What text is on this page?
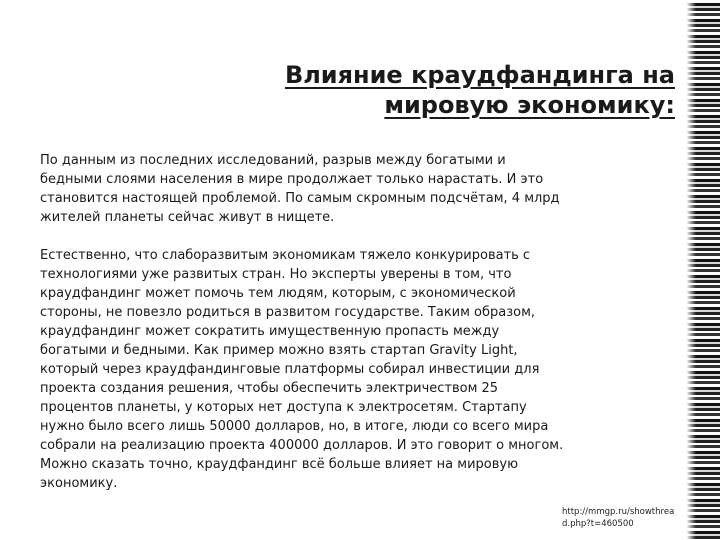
Влияние краудфандинга на мировую экономику:

По данным из последних исследований, разрыв между богатыми и бедными слоями населения в мире продолжает только нарастать. И это становится настоящей проблемой. По самым скромным подсчётам, 4 млрд жителей планеты сейчас живут в нищете.

Естественно, что слаборазвитым экономикам тяжело конкурировать с технологиями уже развитых стран. Но эксперты уверены в том, что краудфандинг может помочь тем людям, которым, с экономической стороны, не повезло родиться в развитом государстве. Таким образом, краудфандинг может сократить имущественную пропасть между богатыми и бедными. Как пример можно взять стартап Gravity Light, который через краудфандинговые платформы собирал инвестиции для проекта создания решения, чтобы обеспечить электричеством 25 процентов планеты, у которых нет доступа к электросетям. Стартапу нужно было всего лишь 50000 долларов, но, в итоге, люди со всего мира собрали на реализацию проекта 400000 долларов. И это говорит о многом. Можно сказать точно, краудфандинг всё больше влияет на мировую экономику.

http://mmgp.ru/showthread.php?t=460500
